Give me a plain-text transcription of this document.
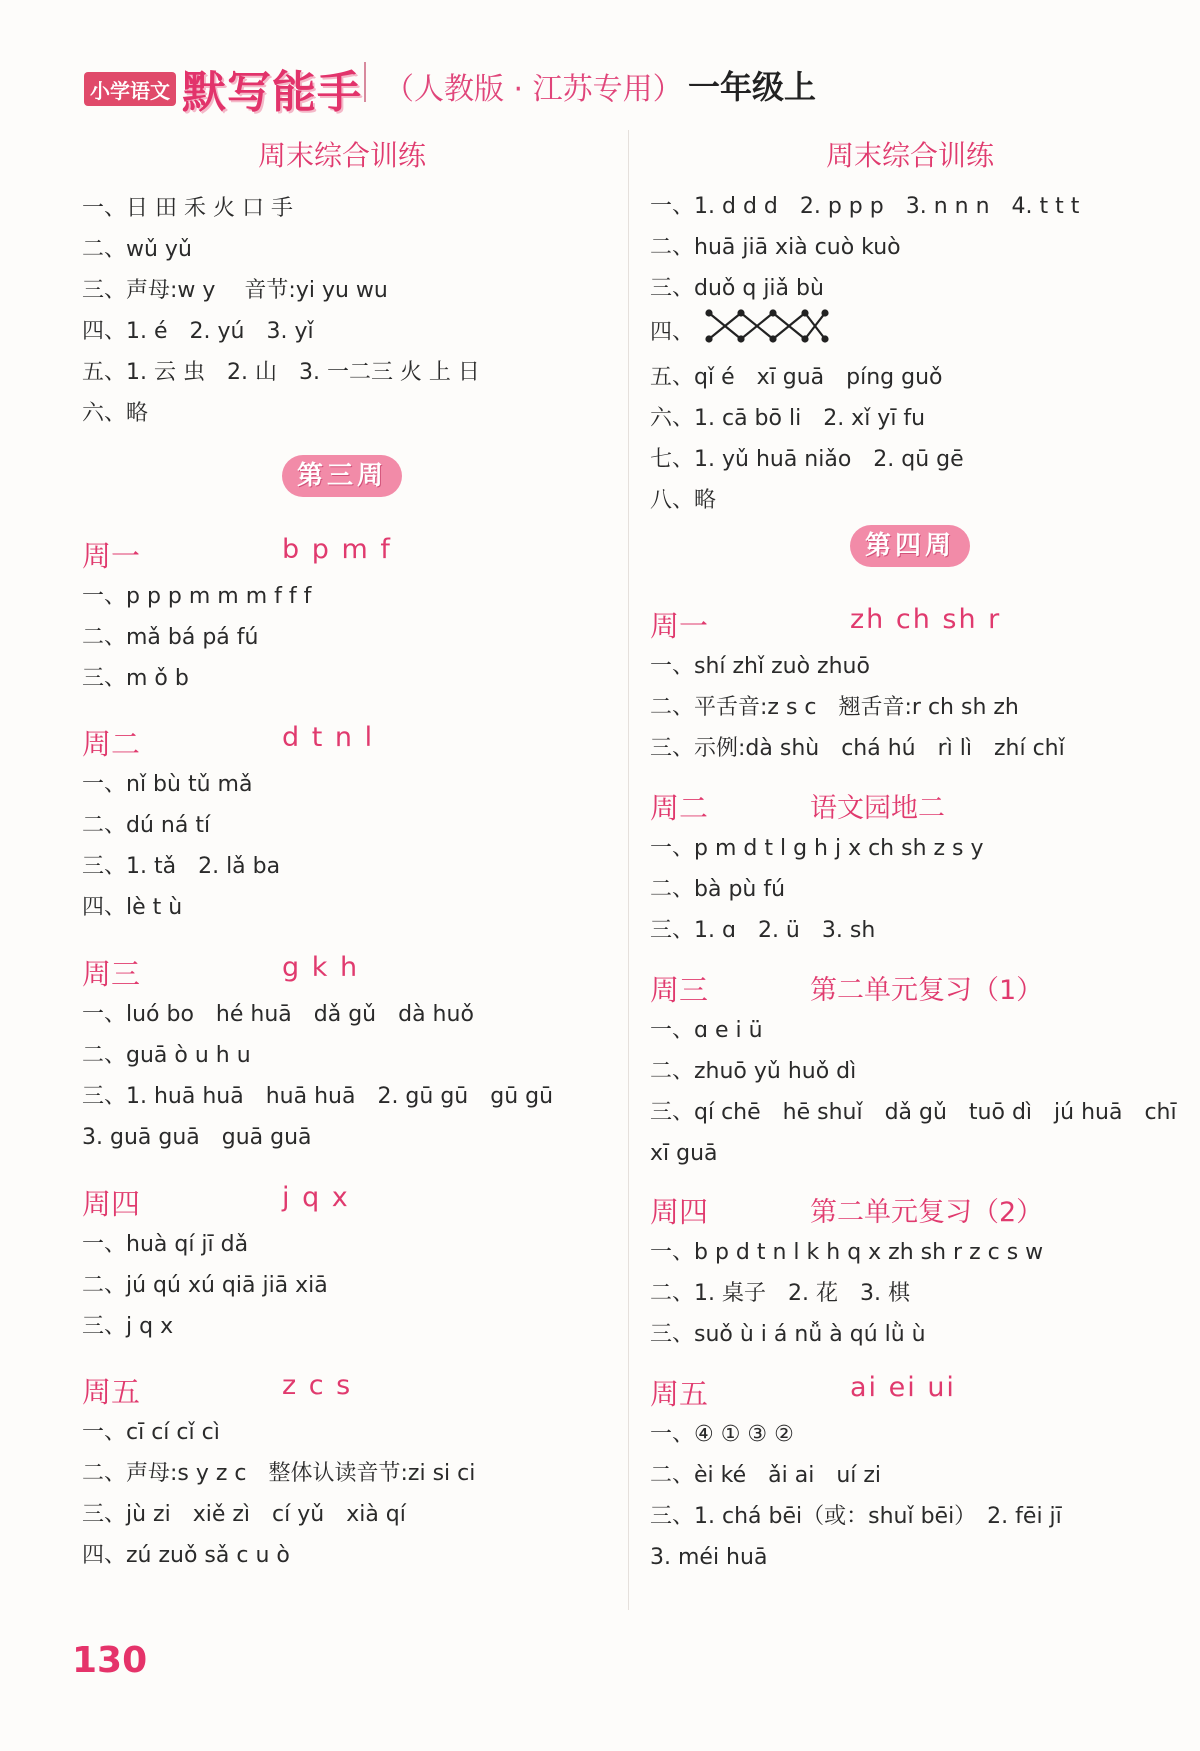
小学语文 默写能手 （人教版 · 江苏专用） 一年级上
周末综合训练
一、日 田 禾 火 口 手
二、wǔ yǔ
三、声母:w y　 音节:yi yu wu
四、1. é　2. yú　3. yǐ
五、1. 云 虫　2. 山　3. 一二三 火 上 日
六、略
第三周
周一	b p m f
一、p p p m m m f f f
二、mǎ bá pá fú
三、m ǒ b
周二	d t n l
一、nǐ bù tǔ mǎ
二、dú ná tí
三、1. tǎ　2. lǎ ba
四、lè t ù
周三	g k h
一、luó bo　hé huā　dǎ gǔ　dà huǒ
二、guā ò u h u
三、1. huā huā　huā huā　2. gū gū　gū gū
3. guā guā　guā guā
周四	j q x
一、huà qí jī dǎ
二、jú qú xú qiā jiā xiā
三、j q x
周五	z c s
一、cī cí cǐ cì
二、声母:s y z c　整体认读音节:zi si ci
三、jù zi　xiě zì　cí yǔ　xià qí
四、zú zuǒ sǎ c u ò
周末综合训练
一、1. d d d　2. p p p　3. n n n　4. t t t
二、huā jiā xià cuò kuò
三、duǒ q jiǎ bù
四、
五、qǐ é　xī guā　píng guǒ
六、1. cā bō li　2. xǐ yī fu
七、1. yǔ huā niǎo　2. qū gē
八、略
第四周
周一	zh ch sh r
一、shí zhǐ zuò zhuō
二、平舌音:z s c　翘舌音:r ch sh zh
三、示例:dà shù　chá hú　rì lì　zhí chǐ
周二	语文园地二
一、p m d t l g h j x ch sh z s y
二、bà pù fú
三、1. ɑ　2. ü　3. sh
周三	第二单元复习（1）
一、ɑ e i ü
二、zhuō yǔ huǒ dì
三、qí chē　hē shuǐ　dǎ gǔ　tuō dì　jú huā　chī
xī guā
周四	第二单元复习（2）
一、b p d t n l k h q x zh sh r z c s w
二、1. 桌子　2. 花　3. 棋
三、suǒ ù i á nǚ à qú lǜ ù
周五	ai ei ui
一、④ ① ③ ②
二、èi ké　ǎi ai　uí zi
三、1. chá bēi（或：shuǐ bēi）　2. fēi jī
3. méi huā
130
